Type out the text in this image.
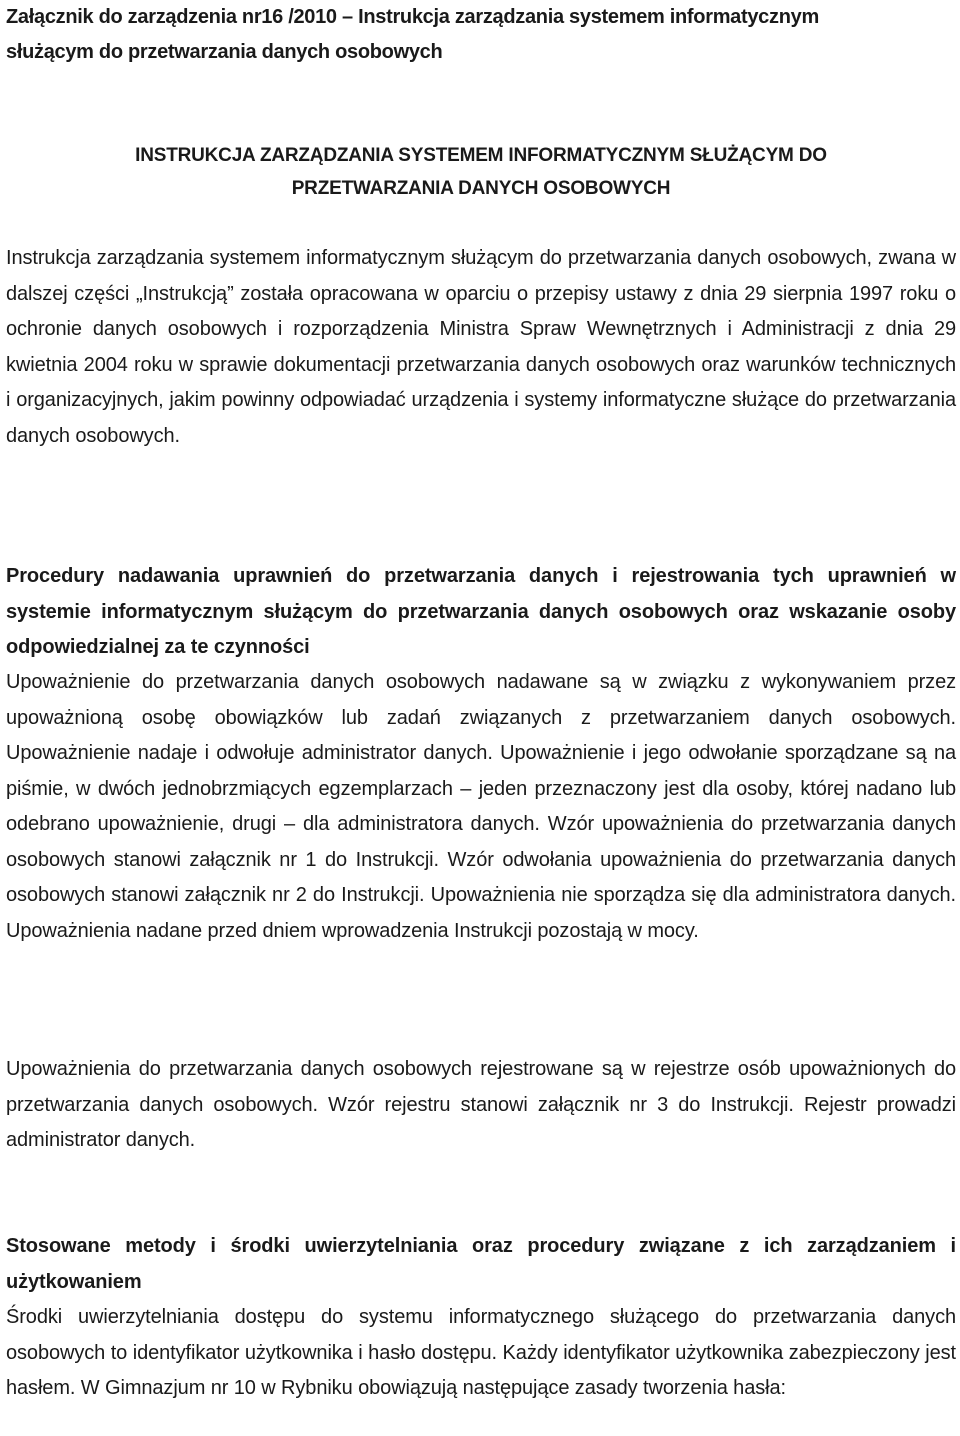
Załącznik do zarządzenia nr16 /2010 – Instrukcja zarządzania systemem informatycznym
służącym do przetwarzania danych osobowych
INSTRUKCJA ZARZĄDZANIA SYSTEMEM INFORMATYCZNYM SŁUŻĄCYM DO
PRZETWARZANIA DANYCH OSOBOWYCH
Instrukcja zarządzania systemem informatycznym służącym do przetwarzania danych osobowych, zwana w dalszej części „Instrukcją” została opracowana w oparciu o przepisy ustawy z dnia 29 sierpnia 1997 roku o ochronie danych osobowych i rozporządzenia Ministra Spraw Wewnętrznych i Administracji z dnia 29 kwietnia 2004 roku w sprawie dokumentacji przetwarzania danych osobowych oraz warunków technicznych i organizacyjnych, jakim powinny odpowiadać urządzenia i systemy informatyczne służące do przetwarzania danych osobowych.
Procedury nadawania uprawnień do przetwarzania danych i rejestrowania tych uprawnień w systemie informatycznym służącym do przetwarzania danych osobowych oraz wskazanie osoby odpowiedzialnej za te czynności
Upoważnienie do przetwarzania danych osobowych nadawane są w związku z wykonywaniem przez upoważnioną osobę obowiązków lub zadań związanych z przetwarzaniem danych osobowych. Upoważnienie nadaje i odwołuje administrator danych. Upoważnienie i jego odwołanie sporządzane są na piśmie, w dwóch jednobrzmiących egzemplarzach – jeden przeznaczony jest dla osoby, której nadano lub odebrano upoważnienie, drugi – dla administratora danych. Wzór upoważnienia do przetwarzania danych osobowych stanowi załącznik nr 1 do Instrukcji. Wzór odwołania upoważnienia do przetwarzania danych osobowych stanowi załącznik nr 2 do Instrukcji. Upoważnienia nie sporządza się dla administratora danych. Upoważnienia nadane przed dniem wprowadzenia Instrukcji pozostają w mocy.
Upoważnienia do przetwarzania danych osobowych rejestrowane są w rejestrze osób upoważnionych do przetwarzania danych osobowych. Wzór rejestru stanowi załącznik nr 3 do Instrukcji. Rejestr prowadzi administrator danych.
Stosowane metody i środki uwierzytelniania oraz procedury związane z ich zarządzaniem i użytkowaniem
Środki uwierzytelniania dostępu do systemu informatycznego służącego do przetwarzania danych osobowych to identyfikator użytkownika i hasło dostępu. Każdy identyfikator użytkownika zabezpieczony jest hasłem. W Gimnazjum nr 10 w Rybniku obowiązują następujące zasady tworzenia hasła:
